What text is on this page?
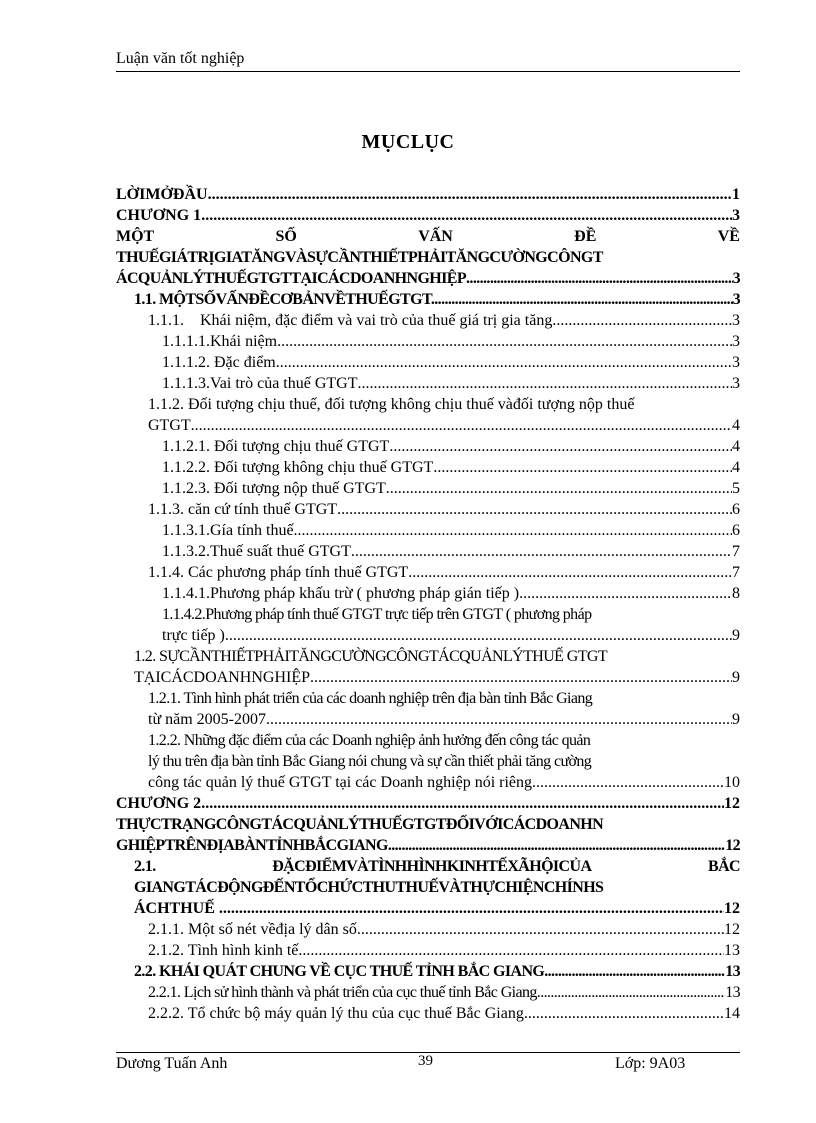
Luận văn tốt nghiệp
MỤCLỤC
LỜIMỞĐẦU .....	1
CHƯƠNG 1 .....	3
MỘT	SỐ	VẤN	ĐỀ	VỀ
THUẾGIÁTRỊGIATĂNGVÀSỰCẦNTHIẾTPHẢITĂNGCƯỜNGCÔNGT
ÁCQUẢNLÝTHUẾGTGTTẠICÁCDOANHNGHIỆP .....	3
1.1. MỘTSỐVẤNĐỀCƠBẢNVỀTHUẾGTGT. .....	3
1.1.1.    Khái niệm, đặc điểm và vai trò của thuế giá trị gia tăng .....	3
1.1.1.1.Khái niệm .....	3
1.1.1.2. Đặc điểm .....	3
1.1.1.3.Vai trò của thuế GTGT .....	3
1.1.2. Đối tượng chịu thuế, đối tượng không chịu thuế vàđối tượng nộp thuế
GTGT .....	4
1.1.2.1. Đối tượng chịu thuế GTGT .....	4
1.1.2.2. Đối tượng không chịu thuế GTGT .....	4
1.1.2.3. Đối tượng nộp thuế GTGT .....	5
1.1.3. căn cứ tính thuế GTGT .....	6
1.1.3.1.Gía tính thuế .....	6
1.1.3.2.Thuế suất thuế GTGT .....	7
1.1.4. Các phương pháp tính thuế GTGT .....	7
1.1.4.1.Phương pháp khấu trừ ( phương pháp gián tiếp ) .....	8
1.1.4.2.Phương pháp tính thuế GTGT trực tiếp trên GTGT ( phương pháp
trực tiếp ) .....	9
1.2. SỰCẦNTHIẾTPHẢITĂNGCƯỜNGCÔNGTÁCQUẢNLÝTHUẾ GTGT
TẠICÁCDOANHNGHIỆP .....	9
1.2.1. Tình hình phát triển của các doanh nghiệp trên địa bàn tỉnh Bắc Giang
từ năm 2005-2007. .....	9
1.2.2. Những đặc điểm của các Doanh nghiệp ảnh hưởng đến công tác quản
lý thu trên địa bàn tỉnh Bắc Giang nói chung và sự cần thiết phải tăng cường
công tác quản lý thuế GTGT tại các Doanh nghiệp nói riêng .....	10
CHƯƠNG 2 .....	12
THỰCTRẠNGCÔNGTÁCQUẢNLÝTHUẾGTGTĐỐIVỚICÁCDOANHN
GHIỆPTRÊNĐỊABÀNTỈNHBẮCGIANG. .....	12
2.1.	ĐẶCĐIỂMVÀTÌNHHÌNHKINHTẾXÃHỘICỦA	BẮC
GIANGTÁCĐỘNGĐẾNTỔCHỨCTHUTHUẾVÀTHỰCHIỆNCHÍNHS
ÁCHTHUẾ . .....	12
2.1.1. Một số nét vềđịa lý dân số. .....	12
2.1.2. Tình hình kinh tế .....	13
2.2. KHÁI QUÁT CHUNG VỀ CỤC THUẾ TỈNH BẮC GIANG. .....	13
2.2.1. Lịch sử hình thành và phát triển của cục thuế tỉnh Bắc Giang. .....	13
2.2.2. Tổ chức bộ máy quản lý thu của cục thuế Bắc Giang .....	14
Dương Tuấn Anh	39	Lớp: 9A03
